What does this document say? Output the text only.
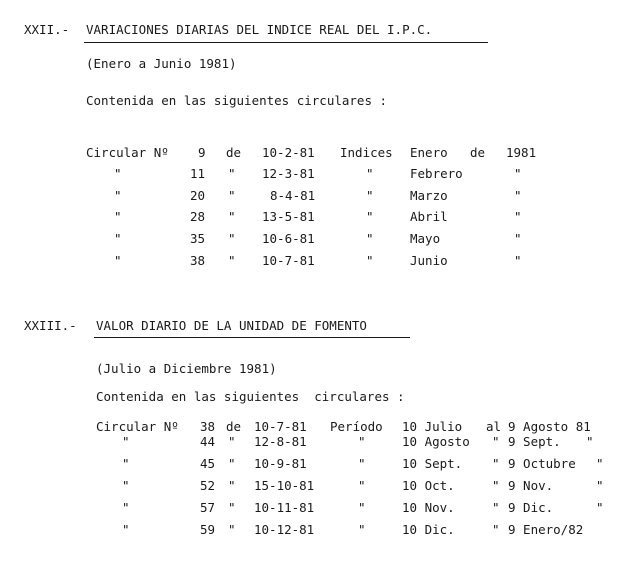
XXII.- VARIACIONES DIARIAS DEL INDICE REAL DEL I.P.C.
(Enero a Junio 1981)
Contenida en las siguientes circulares :
Circular Nº 9 de 10-2-81 Indices Enero de 1981
"	11 " 12-3-81	"	Febrero	"
"	20 "	8-4-81	"	Marzo	"
"	28 " 13-5-81	"	Abril	"
"	35 " 10-6-81	"	Mayo	"
"	38 " 10-7-81	"	Junio	"
XXIII.- VALOR DIARIO DE LA UNIDAD DE FOMENTO
(Julio a Diciembre 1981)
Contenida en las siguientes  circulares :
Circular Nº 38 de 10-7-81 Período 10 Julio al 9 Agosto 81
"	44 " 12-8-81	"	10 Agosto " 9 Sept. "
"	45 " 10-9-81	"	10 Sept. " 9 Octubre "
"	52 " 15-10-81	"	10 Oct.	" 9 Nov.	"
"	57 " 10-11-81	"	10 Nov.	" 9 Dic.	"
"	59 " 10-12-81	"	10 Dic.	" 9 Enero/82
